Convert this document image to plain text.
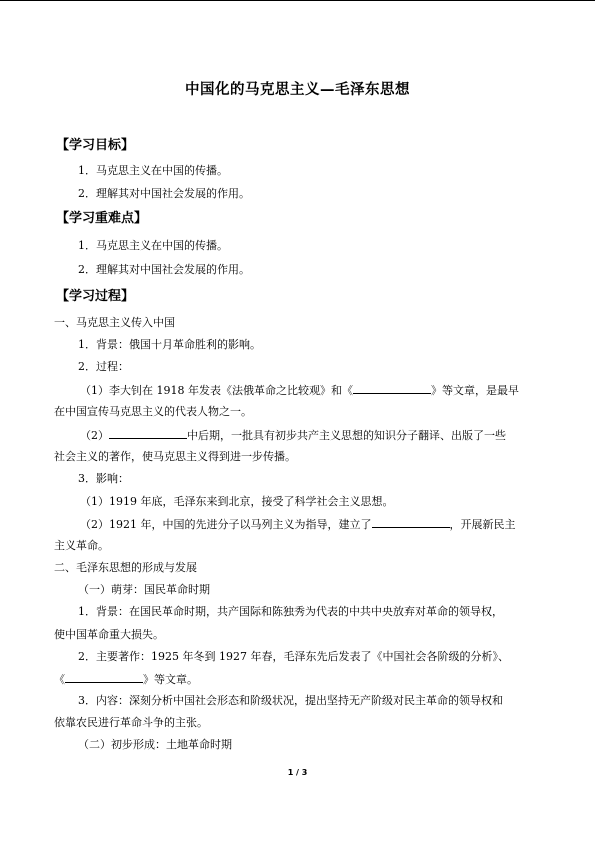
中国化的马克思主义—毛泽东思想
【学习目标】
1．马克思主义在中国的传播。
2．理解其对中国社会发展的作用。
【学习重难点】
1．马克思主义在中国的传播。
2．理解其对中国社会发展的作用。
【学习过程】
一、马克思主义传入中国
1．背景：俄国十月革命胜利的影响。
2．过程：
（1）李大钊在 1918 年发表《法俄革命之比较观》和《	》等文章，是最早
在中国宣传马克思主义的代表人物之一。
（2）	中后期，一批具有初步共产主义思想的知识分子翻译、出版了一些
社会主义的著作，使马克思主义得到进一步传播。
3．影响：
（1）1919 年底，毛泽东来到北京，接受了科学社会主义思想。
（2）1921 年，中国的先进分子以马列主义为指导，建立了	，开展新民主
主义革命。
二、毛泽东思想的形成与发展
（一）萌芽：国民革命时期
1．背景：在国民革命时期，共产国际和陈独秀为代表的中共中央放弃对革命的领导权，
使中国革命重大损失。
2．主要著作：1925 年冬到 1927 年春，毛泽东先后发表了《中国社会各阶级的分析》、
《	》等文章。
3．内容：深刻分析中国社会形态和阶级状况，提出坚持无产阶级对民主革命的领导权和
依靠农民进行革命斗争的主张。
（二）初步形成：土地革命时期
1 / 3
